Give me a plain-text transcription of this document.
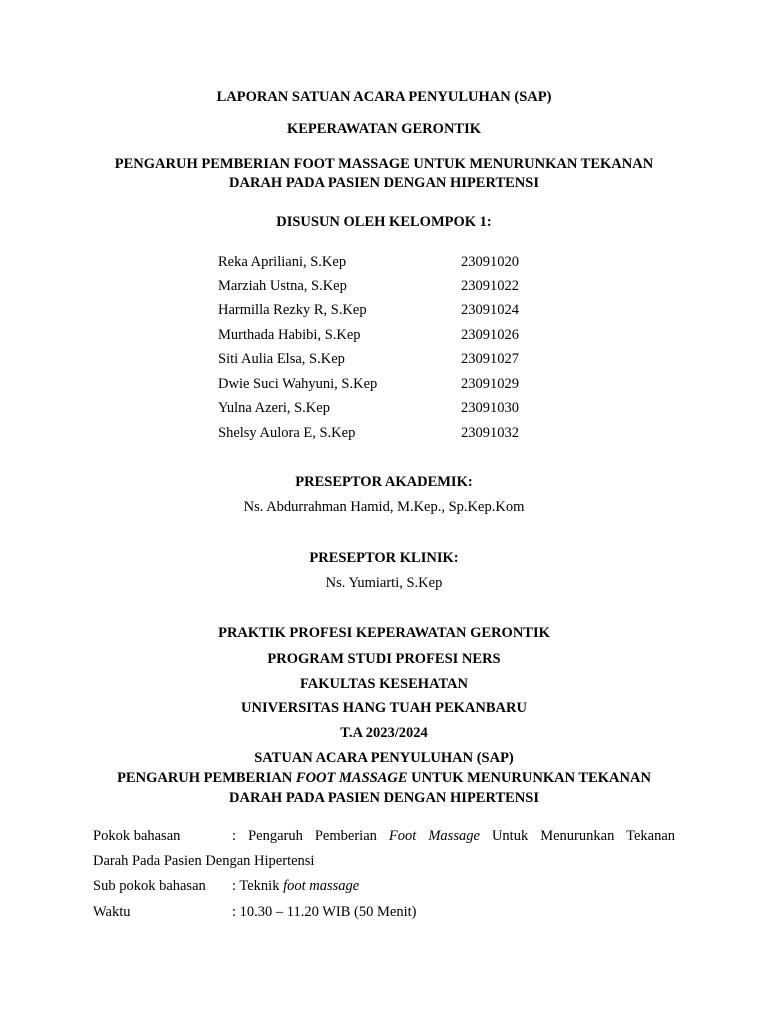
LAPORAN SATUAN ACARA PENYULUHAN (SAP)
KEPERAWATAN GERONTIK
PENGARUH PEMBERIAN FOOT MASSAGE UNTUK MENURUNKAN TEKANAN
DARAH PADA PASIEN DENGAN HIPERTENSI
DISUSUN OLEH KELOMPOK 1:
Reka Apriliani, S.Kep	23091020
Marziah Ustna, S.Kep	23091022
Harmilla Rezky R, S.Kep	23091024
Murthada Habibi, S.Kep	23091026
Siti Aulia Elsa, S.Kep	23091027
Dwie Suci Wahyuni, S.Kep	23091029
Yulna Azeri, S.Kep	23091030
Shelsy Aulora E, S.Kep	23091032
PRESEPTOR AKADEMIK:
Ns. Abdurrahman Hamid, M.Kep., Sp.Kep.Kom
PRESEPTOR KLINIK:
Ns. Yumiarti, S.Kep
PRAKTIK PROFESI KEPERAWATAN GERONTIK
PROGRAM STUDI PROFESI NERS
FAKULTAS KESEHATAN
UNIVERSITAS HANG TUAH PEKANBARU
T.A 2023/2024
SATUAN ACARA PENYULUHAN (SAP)
PENGARUH PEMBERIAN FOOT MASSAGE UNTUK MENURUNKAN TEKANAN
DARAH PADA PASIEN DENGAN HIPERTENSI
Pokok bahasan	: Pengaruh Pemberian Foot Massage Untuk Menurunkan Tekanan
Darah Pada Pasien Dengan Hipertensi
Sub pokok bahasan : Teknik foot massage
Waktu	: 10.30 – 11.20 WIB (50 Menit)
